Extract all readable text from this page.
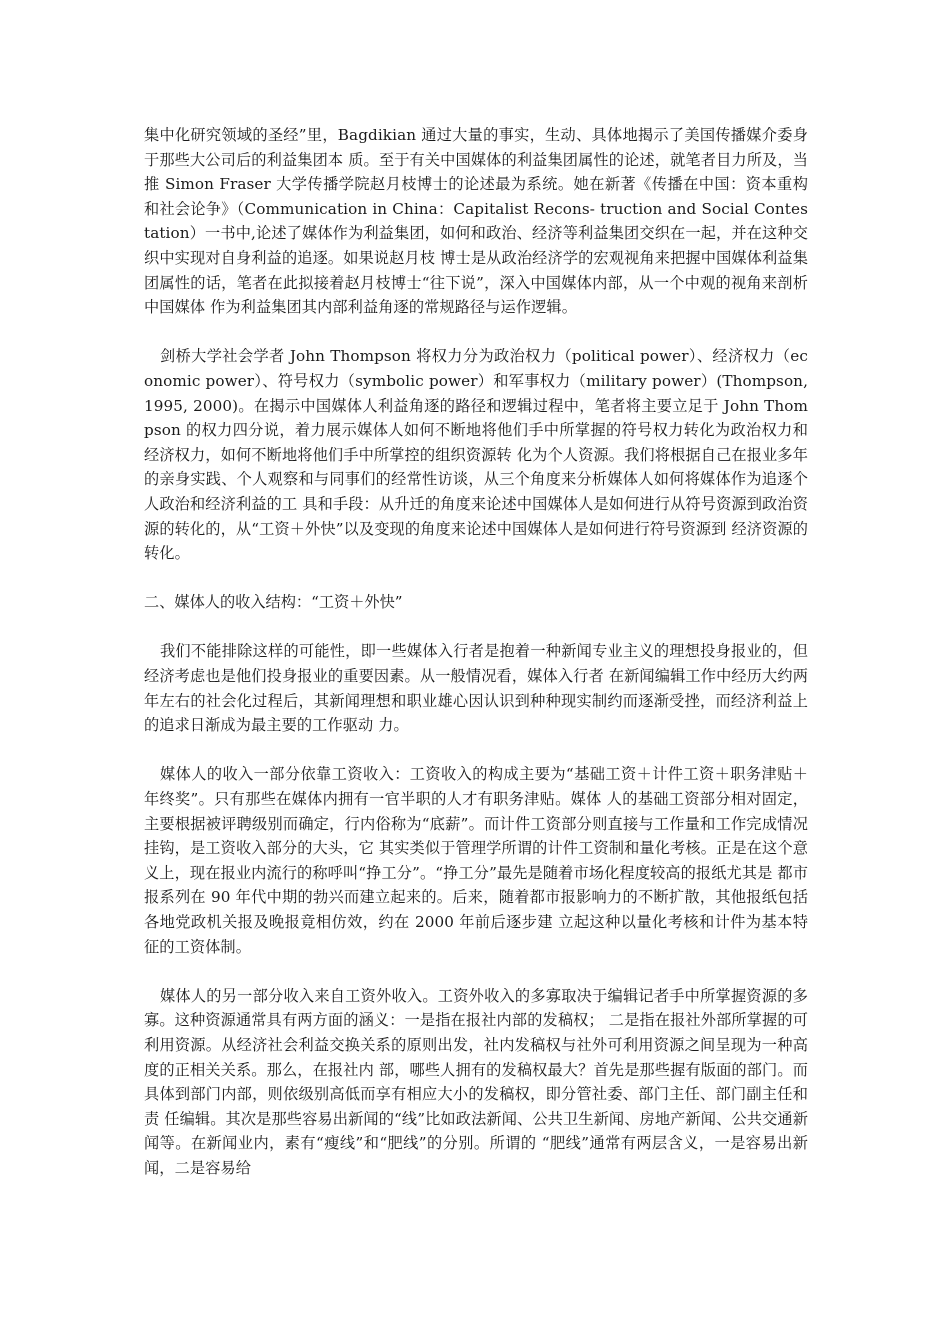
集中化研究领域的圣经”里，Bagdikian 通过大量的事实，生动、具体地揭示了美国传播媒介委身于那些大公司后的利益集团本 质。至于有关中国媒体的利益集团属性的论述，就笔者目力所及，当推 Simon Fraser 大学传播学院赵月枝博士的论述最为系统。她在新著《传播在中国：资本重构和社会论争》（Communication in China：Capitalist Recons- truction and Social Contestation）一书中,论述了媒体作为利益集团，如何和政治、经济等利益集团交织在一起，并在这种交织中实现对自身利益的追逐。如果说赵月枝 博士是从政治经济学的宏观视角来把握中国媒体利益集团属性的话，笔者在此拟接着赵月枝博士“往下说”，深入中国媒体内部，从一个中观的视角来剖析中国媒体 作为利益集团其内部利益角逐的常规路径与运作逻辑。

剑桥大学社会学者 John Thompson 将权力分为政治权力（political power）、经济权力（economic power）、符号权力（symbolic power）和军事权力（military power）(Thompson, 1995, 2000)。在揭示中国媒体人利益角逐的路径和逻辑过程中，笔者将主要立足于 John Thompson 的权力四分说，着力展示媒体人如何不断地将他们手中所掌握的符号权力转化为政治权力和经济权力，如何不断地将他们手中所掌控的组织资源转 化为个人资源。我们将根据自己在报业多年的亲身实践、个人观察和与同事们的经常性访谈，从三个角度来分析媒体人如何将媒体作为追逐个人政治和经济利益的工 具和手段：从升迁的角度来论述中国媒体人是如何进行从符号资源到政治资源的转化的，从“工资＋外快”以及变现的角度来论述中国媒体人是如何进行符号资源到 经济资源的转化。

二、媒体人的收入结构：“工资＋外快”

我们不能排除这样的可能性，即一些媒体入行者是抱着一种新闻专业主义的理想投身报业的，但经济考虑也是他们投身报业的重要因素。从一般情况看，媒体入行者 在新闻编辑工作中经历大约两年左右的社会化过程后，其新闻理想和职业雄心因认识到种种现实制约而逐渐受挫，而经济利益上的追求日渐成为最主要的工作驱动 力。

媒体人的收入一部分依靠工资收入：工资收入的构成主要为“基础工资＋计件工资＋职务津贴＋年终奖”。只有那些在媒体内拥有一官半职的人才有职务津贴。媒体 人的基础工资部分相对固定，主要根据被评聘级别而确定，行内俗称为“底薪”。而计件工资部分则直接与工作量和工作完成情况挂钩，是工资收入部分的大头，它 其实类似于管理学所谓的计件工资制和量化考核。正是在这个意义上，现在报业内流行的称呼叫“挣工分”。“挣工分”最先是随着市场化程度较高的报纸尤其是 都市报系列在 90 年代中期的勃兴而建立起来的。后来，随着都市报影响力的不断扩散，其他报纸包括各地党政机关报及晚报竟相仿效，约在 2000 年前后逐步建 立起这种以量化考核和计件为基本特征的工资体制。

媒体人的另一部分收入来自工资外收入。工资外收入的多寡取决于编辑记者手中所掌握资源的多寡。这种资源通常具有两方面的涵义：一是指在报社内部的发稿权； 二是指在报社外部所掌握的可利用资源。从经济社会利益交换关系的原则出发，社内发稿权与社外可利用资源之间呈现为一种高度的正相关关系。那么，在报社内 部，哪些人拥有的发稿权最大？首先是那些握有版面的部门。而具体到部门内部，则依级别高低而享有相应大小的发稿权，即分管社委、部门主任、部门副主任和责 任编辑。其次是那些容易出新闻的“线”比如政法新闻、公共卫生新闻、房地产新闻、公共交通新闻等。在新闻业内，素有“瘦线”和“肥线”的分别。所谓的 “肥线”通常有两层含义，一是容易出新闻，二是容易给
